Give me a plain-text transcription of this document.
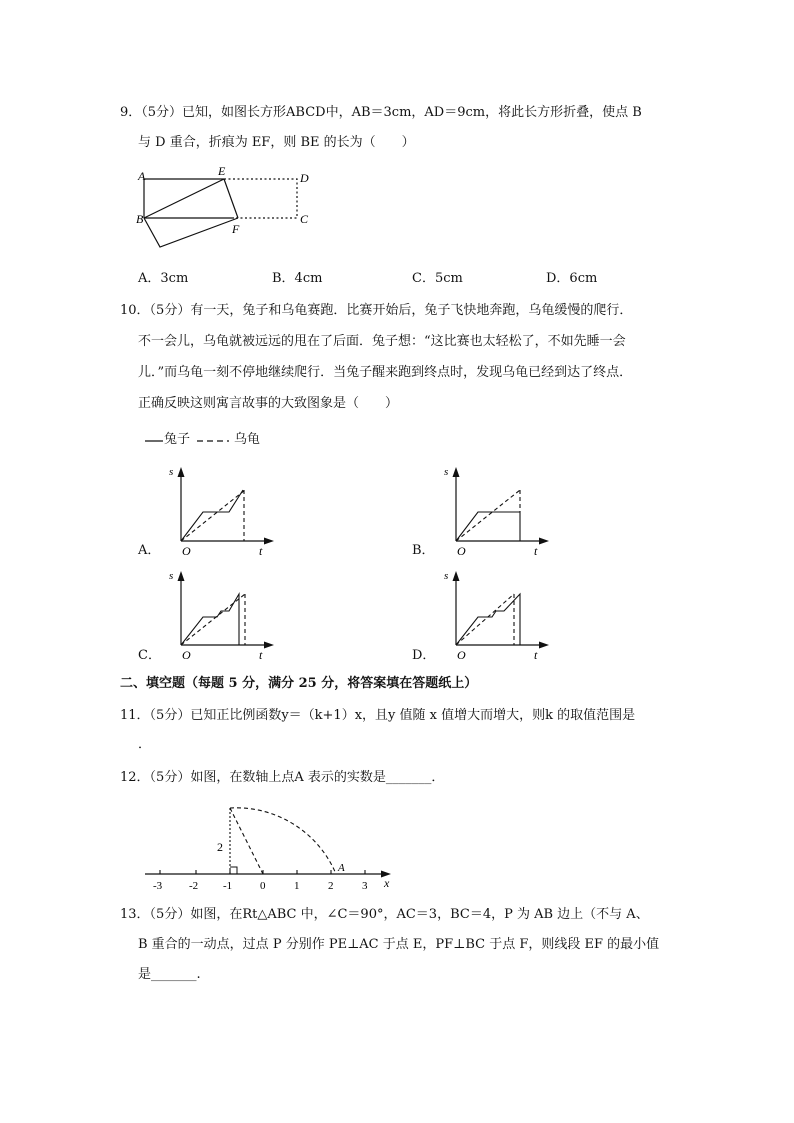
9．（5分）已知，如图长方形ABCD中，AB＝3cm，AD＝9cm，将此长方形折叠，使点 B
与 D 重合，折痕为 EF，则 BE 的长为（　　）
A
B
E	D
C
F
A．3cm	B．4cm	C．5cm	D．6cm
10．（5分）有一天，兔子和乌龟赛跑．比赛开始后，兔子飞快地奔跑，乌龟缓慢的爬行．
不一会儿，乌龟就被远远的甩在了后面．兔子想：“这比赛也太轻松了，不如先睡一会
儿．”而乌龟一刻不停地继续爬行．当兔子醒来跑到终点时，发现乌龟已经到达了终点．
正确反映这则寓言故事的大致图象是（　　）
兔子	乌龟
s
t
O
A．
s
t
O
B．
s
t
O
C．
s
t
O
D．
二、填空题（每题 5 分，满分 25 分，将答案填在答题纸上）
11．（5分）已知正比例函数y＝（k+1）x，且y 值随 x 值增大而增大，则k 的取值范围是
．
12．（5分）如图，在数轴上点A 表示的实数是_______．
2
-3 -2 -1	0	1	2	3
A
x
13．（5分）如图，在Rt△ABC 中，∠C＝90°，AC＝3，BC＝4，P 为 AB 边上（不与 A、
B 重合的一动点，过点 P 分别作 PE⊥AC 于点 E，PF⊥BC 于点 F，则线段 EF 的最小值
是_______.
